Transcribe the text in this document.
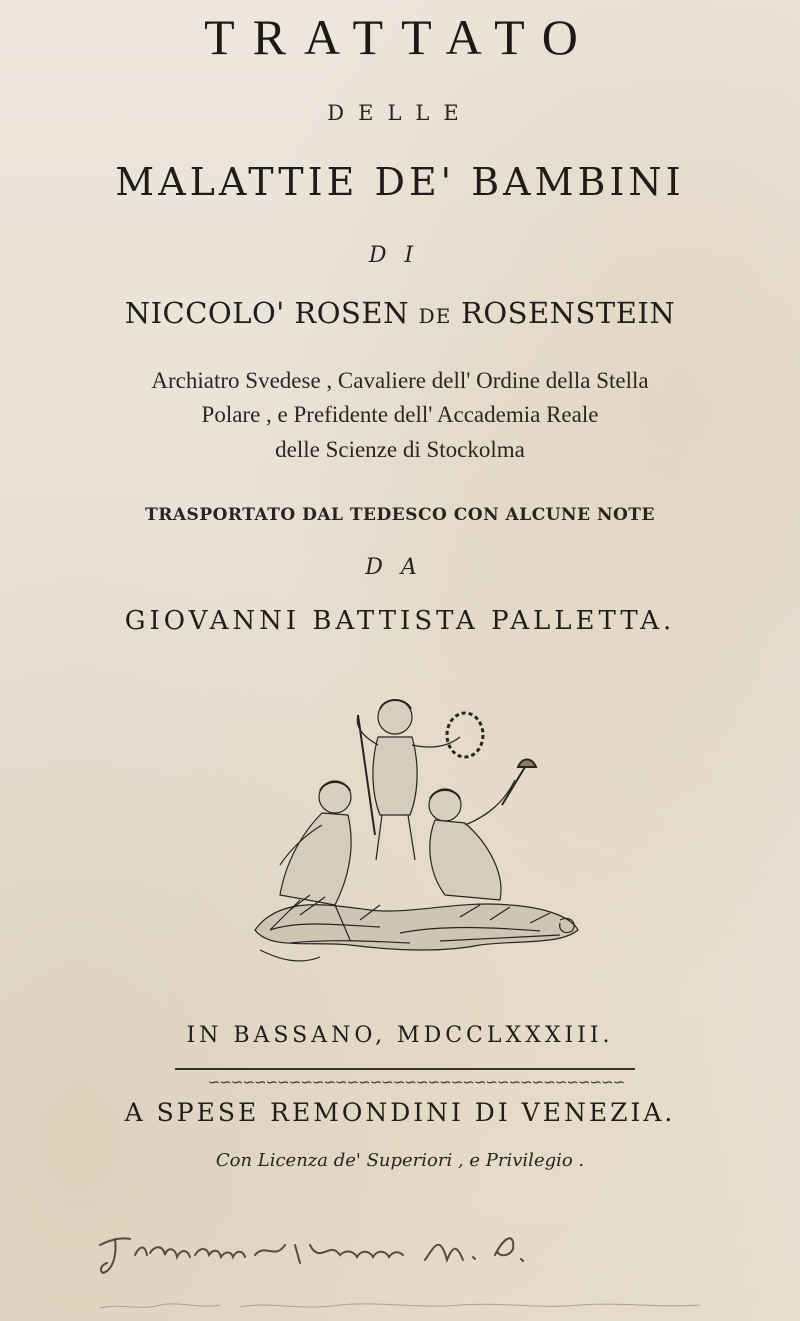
TRATTATO
DELLE
MALATTIE DE' BAMBINI
DI
NICCOLO' ROSEN DE ROSENSTEIN
Archiatro Svedese , Cavaliere dell' Ordine della Stella
Polare , e Prefidente dell' Accademia Reale
delle Scienze di Stockolma
TRASPORTATO DAL TEDESCO CON ALCUNE NOTE
DA
GIOVANNI BATTISTA PALLETTA.
IN BASSANO, MDCCLXXXIII.
∽∽∽∽∽∽∽∽∽∽∽∽∽∽∽∽∽∽∽∽∽∽∽∽∽∽∽∽∽∽∽∽∽∽∽∽
A SPESE REMONDINI DI VENEZIA.
Con Licenza de' Superiori , e Privilegio .
